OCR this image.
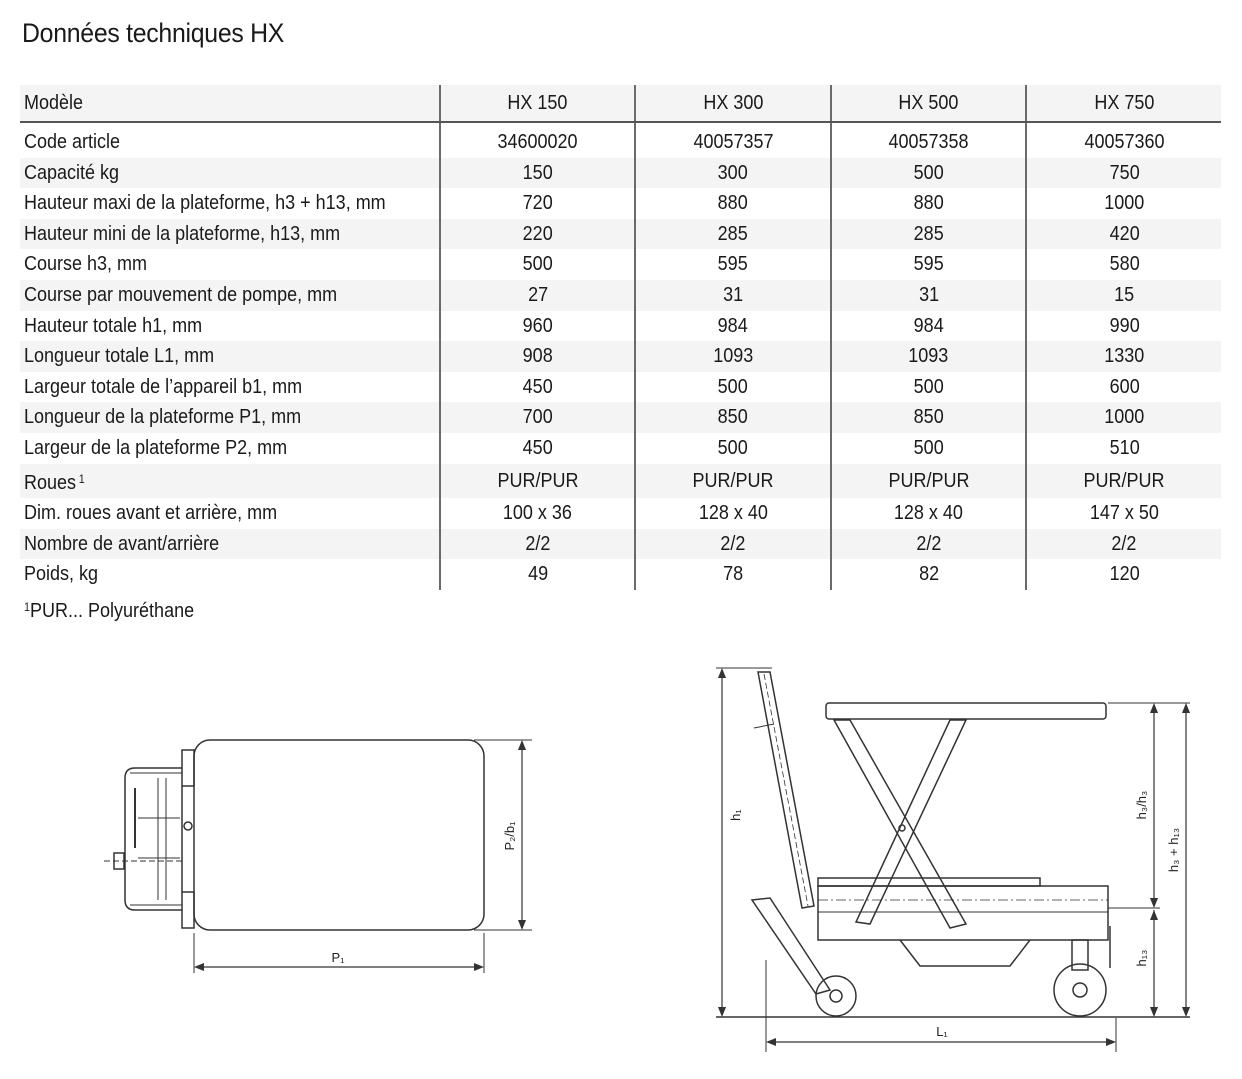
Données techniques HX
Modèle	HX 150	HX 300	HX 500	HX 750
Code article	34600020	40057357	40057358	40057360
Capacité kg	150	300	500	750
Hauteur maxi de la plateforme, h3 + h13, mm	720	880	880	1000
Hauteur mini de la plateforme, h13, mm	220	285	285	420
Course h3, mm	500	595	595	580
Course par mouvement de pompe, mm	27	31	31	15
Hauteur totale h1, mm	960	984	984	990
Longueur totale L1, mm	908	1093	1093	1330
Largeur totale de l’appareil b1, mm	450	500	500	600
Longueur de la plateforme P1, mm	700	850	850	1000
Largeur de la plateforme P2, mm	450	500	500	510
Roues $^1$	PUR/PUR	PUR/PUR	PUR/PUR	PUR/PUR
Dim. roues avant et arrière, mm	100 x 36	128 x 40	128 x 40	147 x 50
Nombre de avant/arrière	2/2	2/2	2/2	2/2
Poids, kg	49	78	82	120
$^1$PUR... Polyuréthane
P₁
P₂/b₁
h₁	h₃/h₃
h₃ + h₁₃
h₁₃
L₁
